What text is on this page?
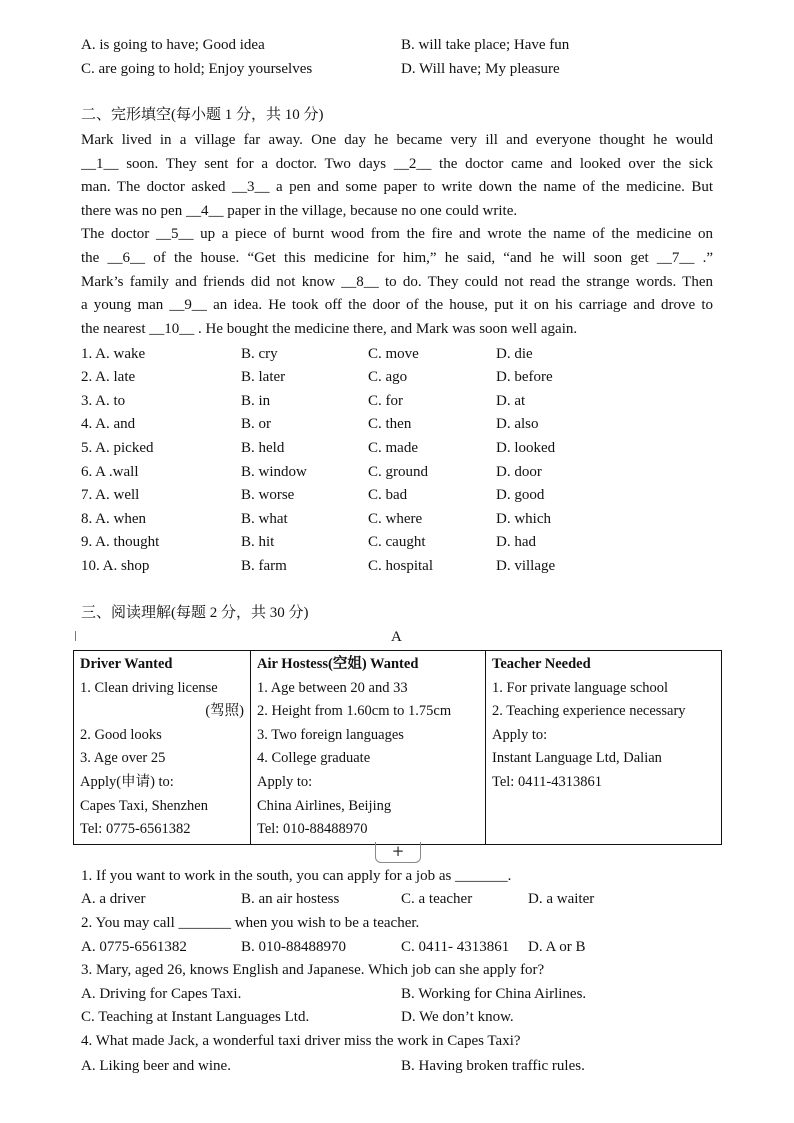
A. is going to have; Good idea	B. will take place; Have fun
C. are going to hold; Enjoy yourselves	D. Will have; My pleasure
二、完形填空(每小题 1 分，共 10 分)
Mark lived in a village far away. One day he became very ill and everyone thought he would
__1__ soon. They sent for a doctor. Two days __2__ the doctor came and looked over the sick
man. The doctor asked __3__ a pen and some paper to write down the name of the medicine. But
there was no pen __4__ paper in the village, because no one could write.
The doctor __5__ up a piece of burnt wood from the fire and wrote the name of the medicine on
the __6__ of the house. “Get this medicine for him,” he said, “and he will soon get __7__ .”
Mark’s family and friends did not know __8__ to do. They could not read the strange words. Then
a young man __9__ an idea. He took off the door of the house, put it on his carriage and drove to
the nearest __10__ . He bought the medicine there, and Mark was soon well again.
1. A. wake	B. cry	C. move	D. die
2. A. late	B. later	C. ago	D. before
3. A. to	B. in	C. for	D. at
4. A. and	B. or	C. then	D. also
5. A. picked	B. held	C. made	D. looked
6. A .wall	B. window	C. ground	D. door
7. A. well	B. worse	C. bad	D. good
8. A. when	B. what	C. where	D. which
9. A. thought	B. hit	C. caught	D. had
10. A. shop	B. farm	C. hospital	D. village
三、阅读理解(每题 2 分，共 30 分)
A
Driver Wanted
1. Clean driving license
(驾照)
2. Good looks
3. Age over 25
Apply(申请) to:
Capes Taxi, Shenzhen
Tel: 0775-6561382

Air Hostess(空姐) Wanted
1. Age between 20 and 33
2. Height from 1.60cm to 1.75cm
3. Two foreign languages
4. College graduate
Apply to:
China Airlines, Beijing
Tel: 010-88488970

Teacher Needed
1. For private language school
2. Teaching experience necessary
Apply to:
Instant Language Ltd, Dalian
Tel: 0411-4313861
+
1. If you want to work in the south, you can apply for a job as _______.
A. a driver	B. an air hostess	C. a teacher	D. a waiter
2. You may call _______ when you wish to be a teacher.
A. 0775-6561382	B. 010-88488970	C. 0411- 4313861 D. A or B
3. Mary, aged 26, knows English and Japanese. Which job can she apply for?
A. Driving for Capes Taxi.	B. Working for China Airlines.
C. Teaching at Instant Languages Ltd.	D. We don’t know.
4. What made Jack, a wonderful taxi driver miss the work in Capes Taxi?
A. Liking beer and wine.	B. Having broken traffic rules.
